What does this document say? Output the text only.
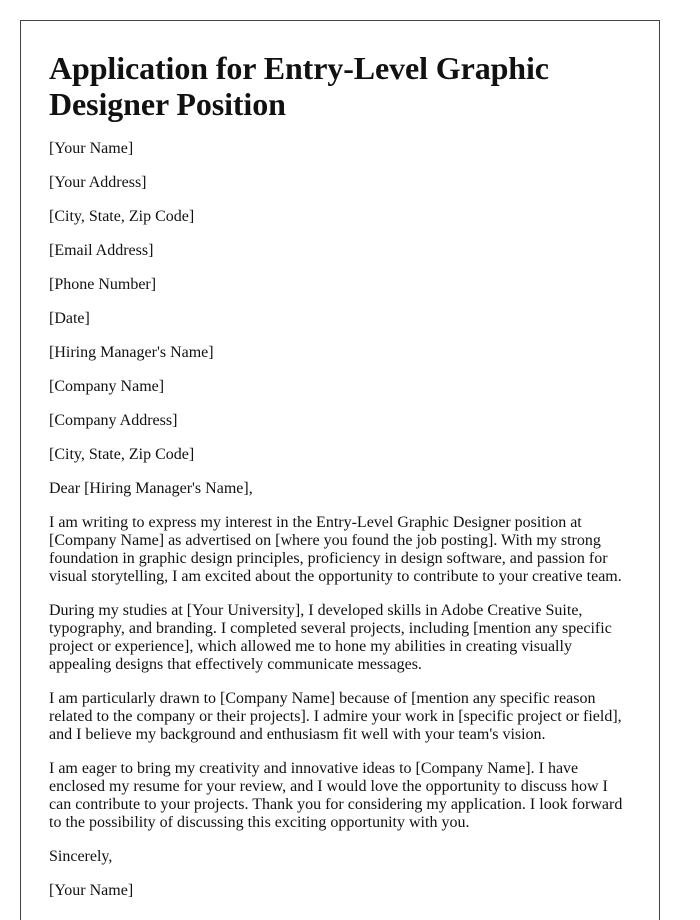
Application for Entry-Level Graphic Designer Position

[Your Name]

[Your Address]

[City, State, Zip Code]

[Email Address]

[Phone Number]

[Date]

[Hiring Manager's Name]

[Company Name]

[Company Address]

[City, State, Zip Code]

Dear [Hiring Manager's Name],

I am writing to express my interest in the Entry-Level Graphic Designer position at [Company Name] as advertised on [where you found the job posting]. With my strong foundation in graphic design principles, proficiency in design software, and passion for visual storytelling, I am excited about the opportunity to contribute to your creative team.

During my studies at [Your University], I developed skills in Adobe Creative Suite, typography, and branding. I completed several projects, including [mention any specific project or experience], which allowed me to hone my abilities in creating visually appealing designs that effectively communicate messages.

I am particularly drawn to [Company Name] because of [mention any specific reason related to the company or their projects]. I admire your work in [specific project or field], and I believe my background and enthusiasm fit well with your team's vision.

I am eager to bring my creativity and innovative ideas to [Company Name]. I have enclosed my resume for your review, and I would love the opportunity to discuss how I can contribute to your projects. Thank you for considering my application. I look forward to the possibility of discussing this exciting opportunity with you.

Sincerely,

[Your Name]
